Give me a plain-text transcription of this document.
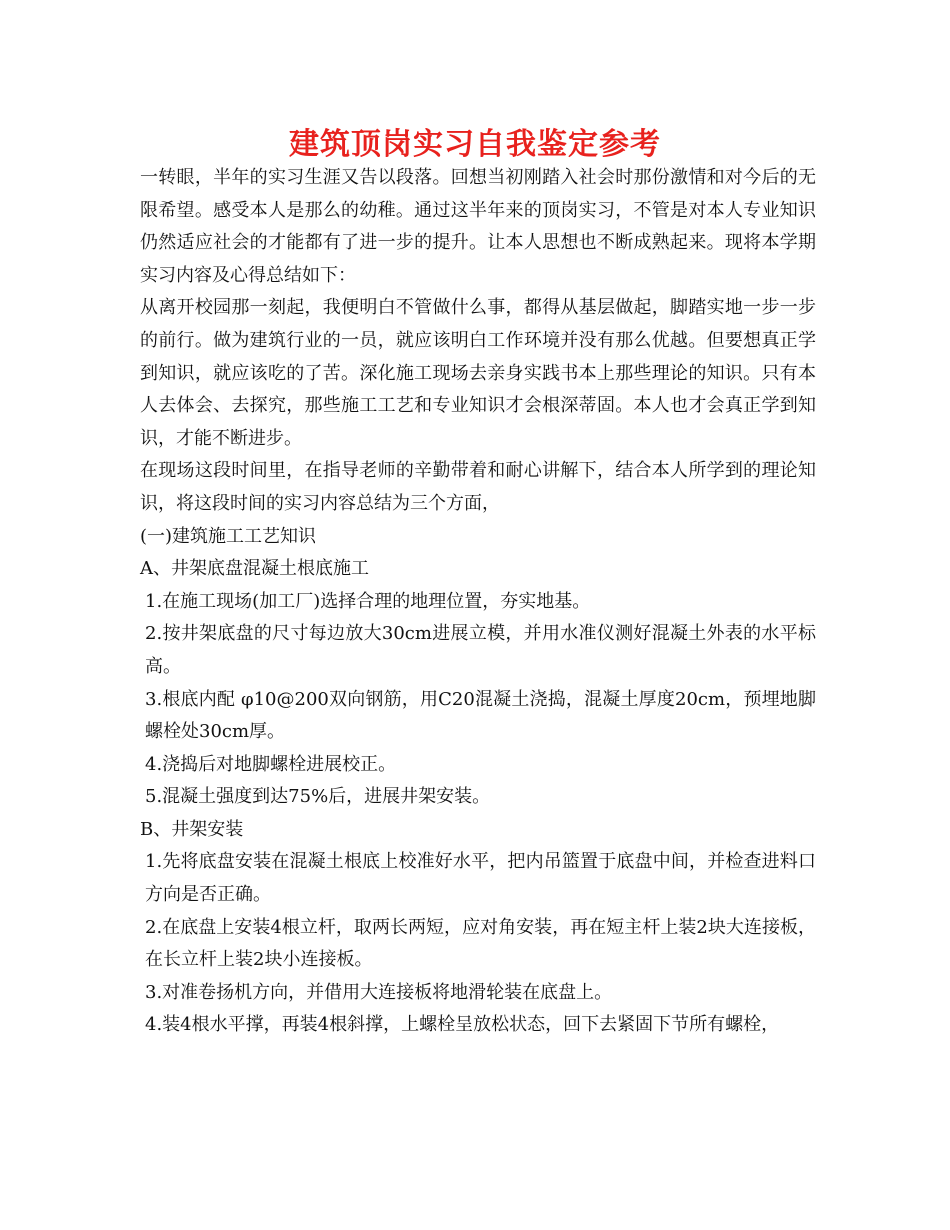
建筑顶岗实习自我鉴定参考

一转眼，半年的实习生涯又告以段落。回想当初刚踏入社会时那份激情和对今后的无限希望。感受本人是那么的幼稚。通过这半年来的顶岗实习，不管是对本人专业知识仍然适应社会的才能都有了进一步的提升。让本人思想也不断成熟起来。现将本学期实习内容及心得总结如下：

从离开校园那一刻起，我便明白不管做什么事，都得从基层做起，脚踏实地一步一步的前行。做为建筑行业的一员，就应该明白工作环境并没有那么优越。但要想真正学到知识，就应该吃的了苦。深化施工现场去亲身实践书本上那些理论的知识。只有本人去体会、去探究，那些施工工艺和专业知识才会根深蒂固。本人也才会真正学到知识，才能不断进步。

在现场这段时间里，在指导老师的辛勤带着和耐心讲解下，结合本人所学到的理论知识，将这段时间的实习内容总结为三个方面，

(一)建筑施工工艺知识

A、井架底盘混凝土根底施工

1.在施工现场(加工厂)选择合理的地理位置，夯实地基。

2.按井架底盘的尺寸每边放大30cm进展立模，并用水准仪测好混凝土外表的水平标高。

3.根底内配 φ10@200双向钢筋，用C20混凝土浇捣，混凝土厚度20cm，预埋地脚螺栓处30cm厚。

4.浇捣后对地脚螺栓进展校正。

5.混凝土强度到达75%后，进展井架安装。

B、井架安装

1.先将底盘安装在混凝土根底上校准好水平，把内吊篮置于底盘中间，并检查进料口方向是否正确。

2.在底盘上安装4根立杆，取两长两短，应对角安装，再在短主杆上装2块大连接板，在长立杆上装2块小连接板。

3.对准卷扬机方向，并借用大连接板将地滑轮装在底盘上。

4.装4根水平撑，再装4根斜撑，上螺栓呈放松状态，回下去紧固下节所有螺栓，
